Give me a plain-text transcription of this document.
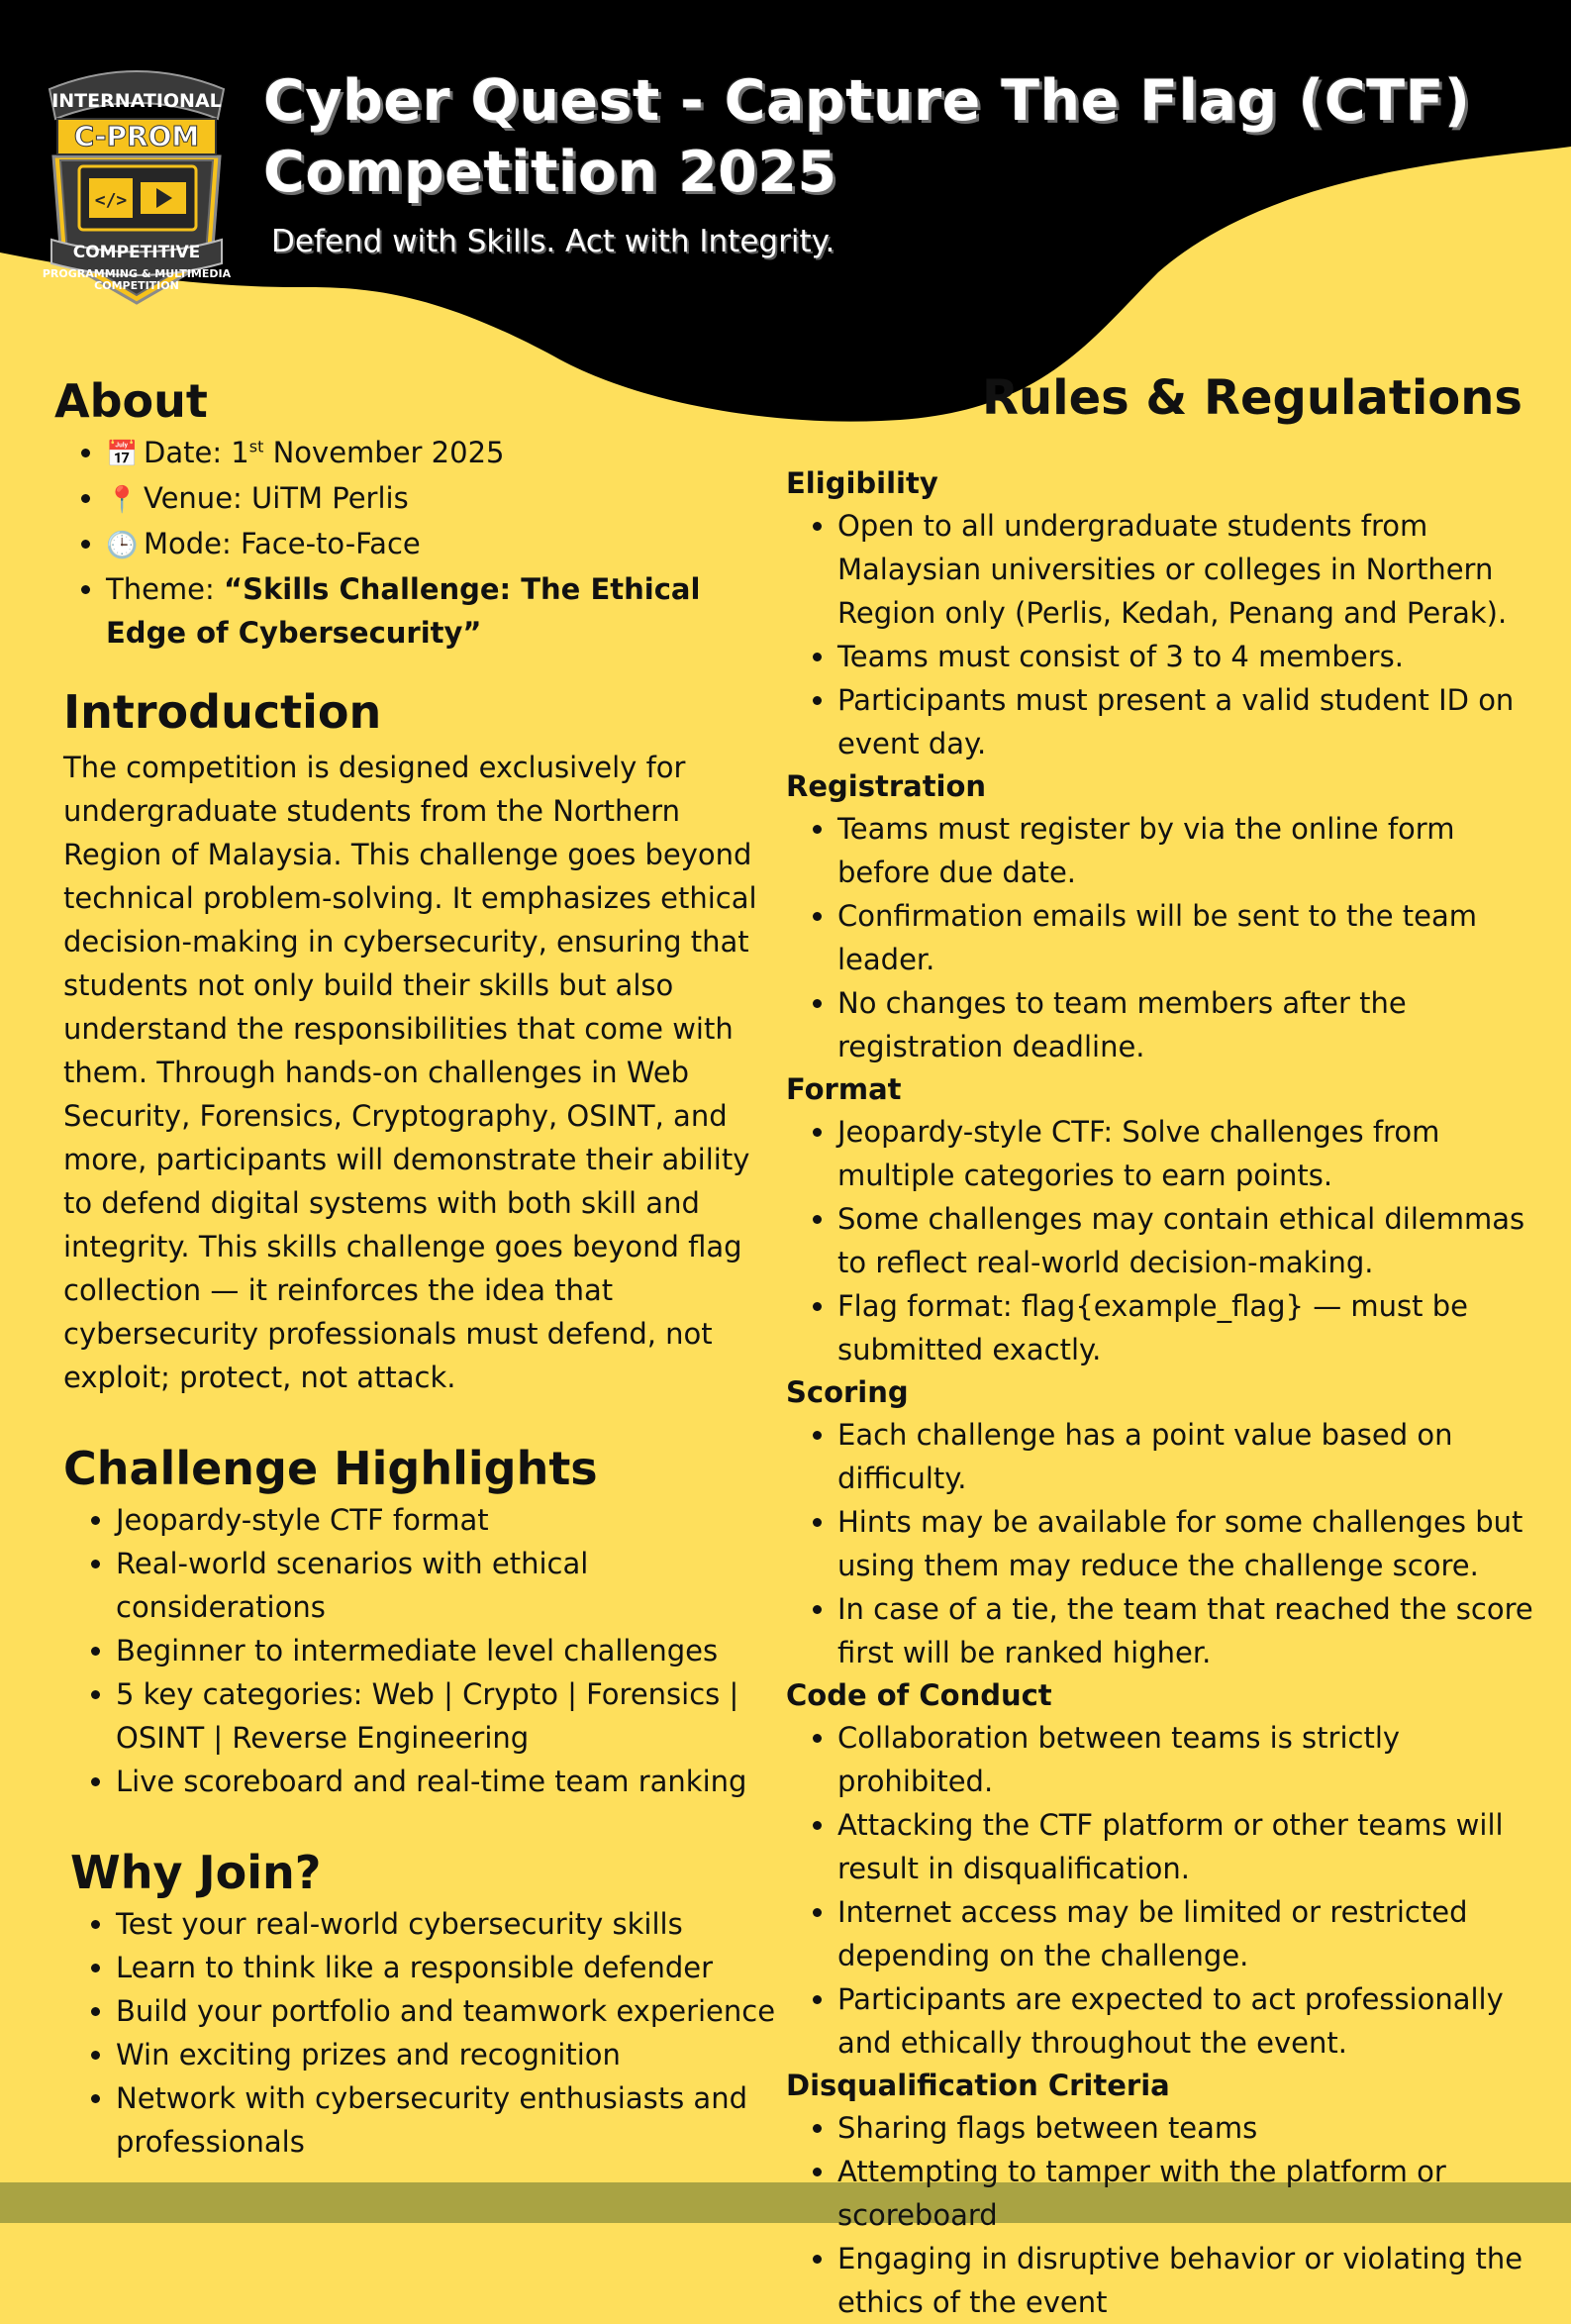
INTERNATIONAL
C-PROM
</>
COMPETITIVE
PROGRAMMING & MULTIMEDIA
COMPETITION
Cyber Quest - Capture The Flag (CTF)
Competition 2025
Defend with Skills. Act with Integrity.
About
• 📅 Date: 1st November 2025
• 📍 Venue: UiTM Perlis
• 🕒 Mode: Face-to-Face
• Theme: “Skills Challenge: The Ethical Edge of Cybersecurity”
Introduction

The competition is designed exclusively for undergraduate students from the Northern Region of Malaysia. This challenge goes beyond technical problem-solving. It emphasizes ethical decision-making in cybersecurity, ensuring that students not only build their skills but also understand the responsibilities that come with them. Through hands-on challenges in Web Security, Forensics, Cryptography, OSINT, and more, participants will demonstrate their ability to defend digital systems with both skill and integrity. This skills challenge goes beyond flag collection — it reinforces the idea that cybersecurity professionals must defend, not exploit; protect, not attack.

Challenge Highlights
• Jeopardy-style CTF format
• Real-world scenarios with ethical considerations
• Beginner to intermediate level challenges
• 5 key categories: Web | Crypto | Forensics | OSINT | Reverse Engineering
• Live scoreboard and real-time team ranking
Why Join?
• Test your real-world cybersecurity skills
• Learn to think like a responsible defender
• Build your portfolio and teamwork experience
• Win exciting prizes and recognition
• Network with cybersecurity enthusiasts and professionals
Rules & Regulations
Eligibility
• Open to all undergraduate students from Malaysian universities or colleges in Northern Region only (Perlis, Kedah, Penang and Perak).
• Teams must consist of 3 to 4 members.
• Participants must present a valid student ID on event day.
Registration
• Teams must register by via the online form before due date.
• Confirmation emails will be sent to the team leader.
• No changes to team members after the registration deadline.
Format
• Jeopardy-style CTF: Solve challenges from multiple categories to earn points.
• Some challenges may contain ethical dilemmas to reflect real-world decision-making.
• Flag format: flag{example_flag} — must be submitted exactly.
Scoring
• Each challenge has a point value based on difficulty.
• Hints may be available for some challenges but using them may reduce the challenge score.
• In case of a tie, the team that reached the score first will be ranked higher.
Code of Conduct
• Collaboration between teams is strictly prohibited.
• Attacking the CTF platform or other teams will result in disqualification.
• Internet access may be limited or restricted depending on the challenge.
• Participants are expected to act professionally and ethically throughout the event.
Disqualification Criteria
• Sharing flags between teams
• Attempting to tamper with the platform or scoreboard
• Engaging in disruptive behavior or violating the ethics of the event
